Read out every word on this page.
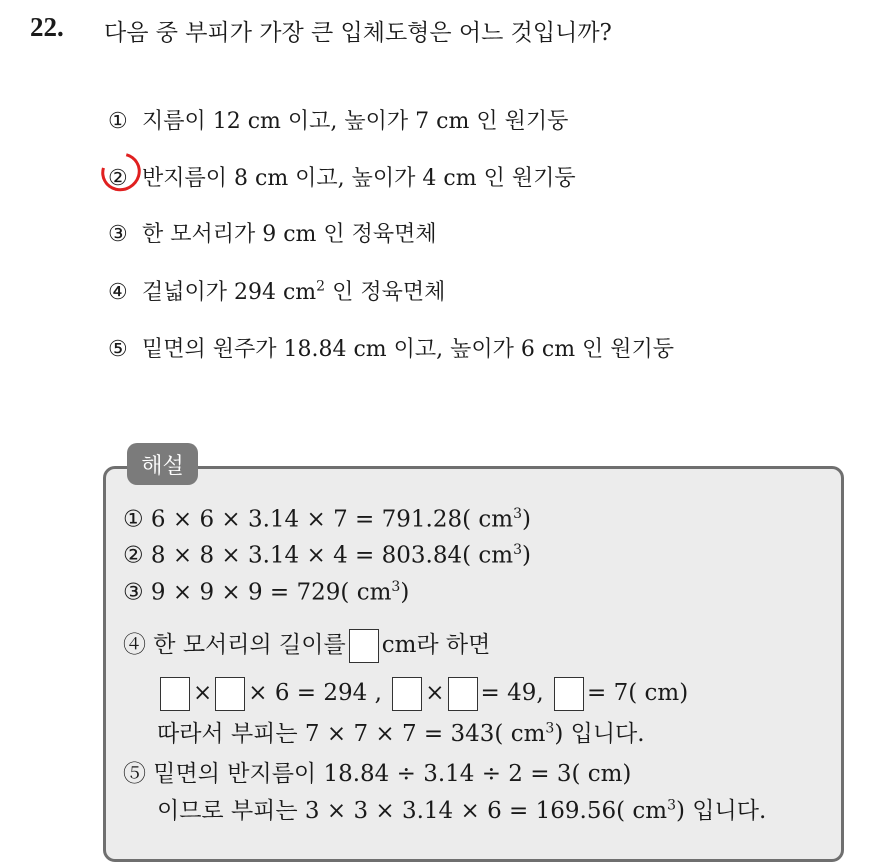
22. 다음 중 부피가 가장 큰 입체도형은 어느 것입니까?
① 지름이 12 cm 이고, 높이가 7 cm 인 원기둥
② 반지름이 8 cm 이고, 높이가 4 cm 인 원기둥
③ 한 모서리가 9 cm 인 정육면체
④ 겉넓이가 294 $cm^2$ 인 정육면체
⑤ 밑면의 원주가 18.84 cm 이고, 높이가 6 cm 인 원기둥
해설
① 6 × 6 × 3.14 × 7 = 791.28( $cm^3$)
② 8 × 8 × 3.14 × 4 = 803.84( $cm^3$)
③ 9 × 9 × 9 = 729( $cm^3$)
④ 한 모서리의 길이를 cm라 하면
× × 6 = 294 , × = 49, = 7( cm)
따라서 부피는 7 × 7 × 7 = 343( $cm^3$) 입니다.
⑤ 밑면의 반지름이 18.84 ÷ 3.14 ÷ 2 = 3( cm)
이므로 부피는 3 × 3 × 3.14 × 6 = 169.56( $cm^3$) 입니다.
